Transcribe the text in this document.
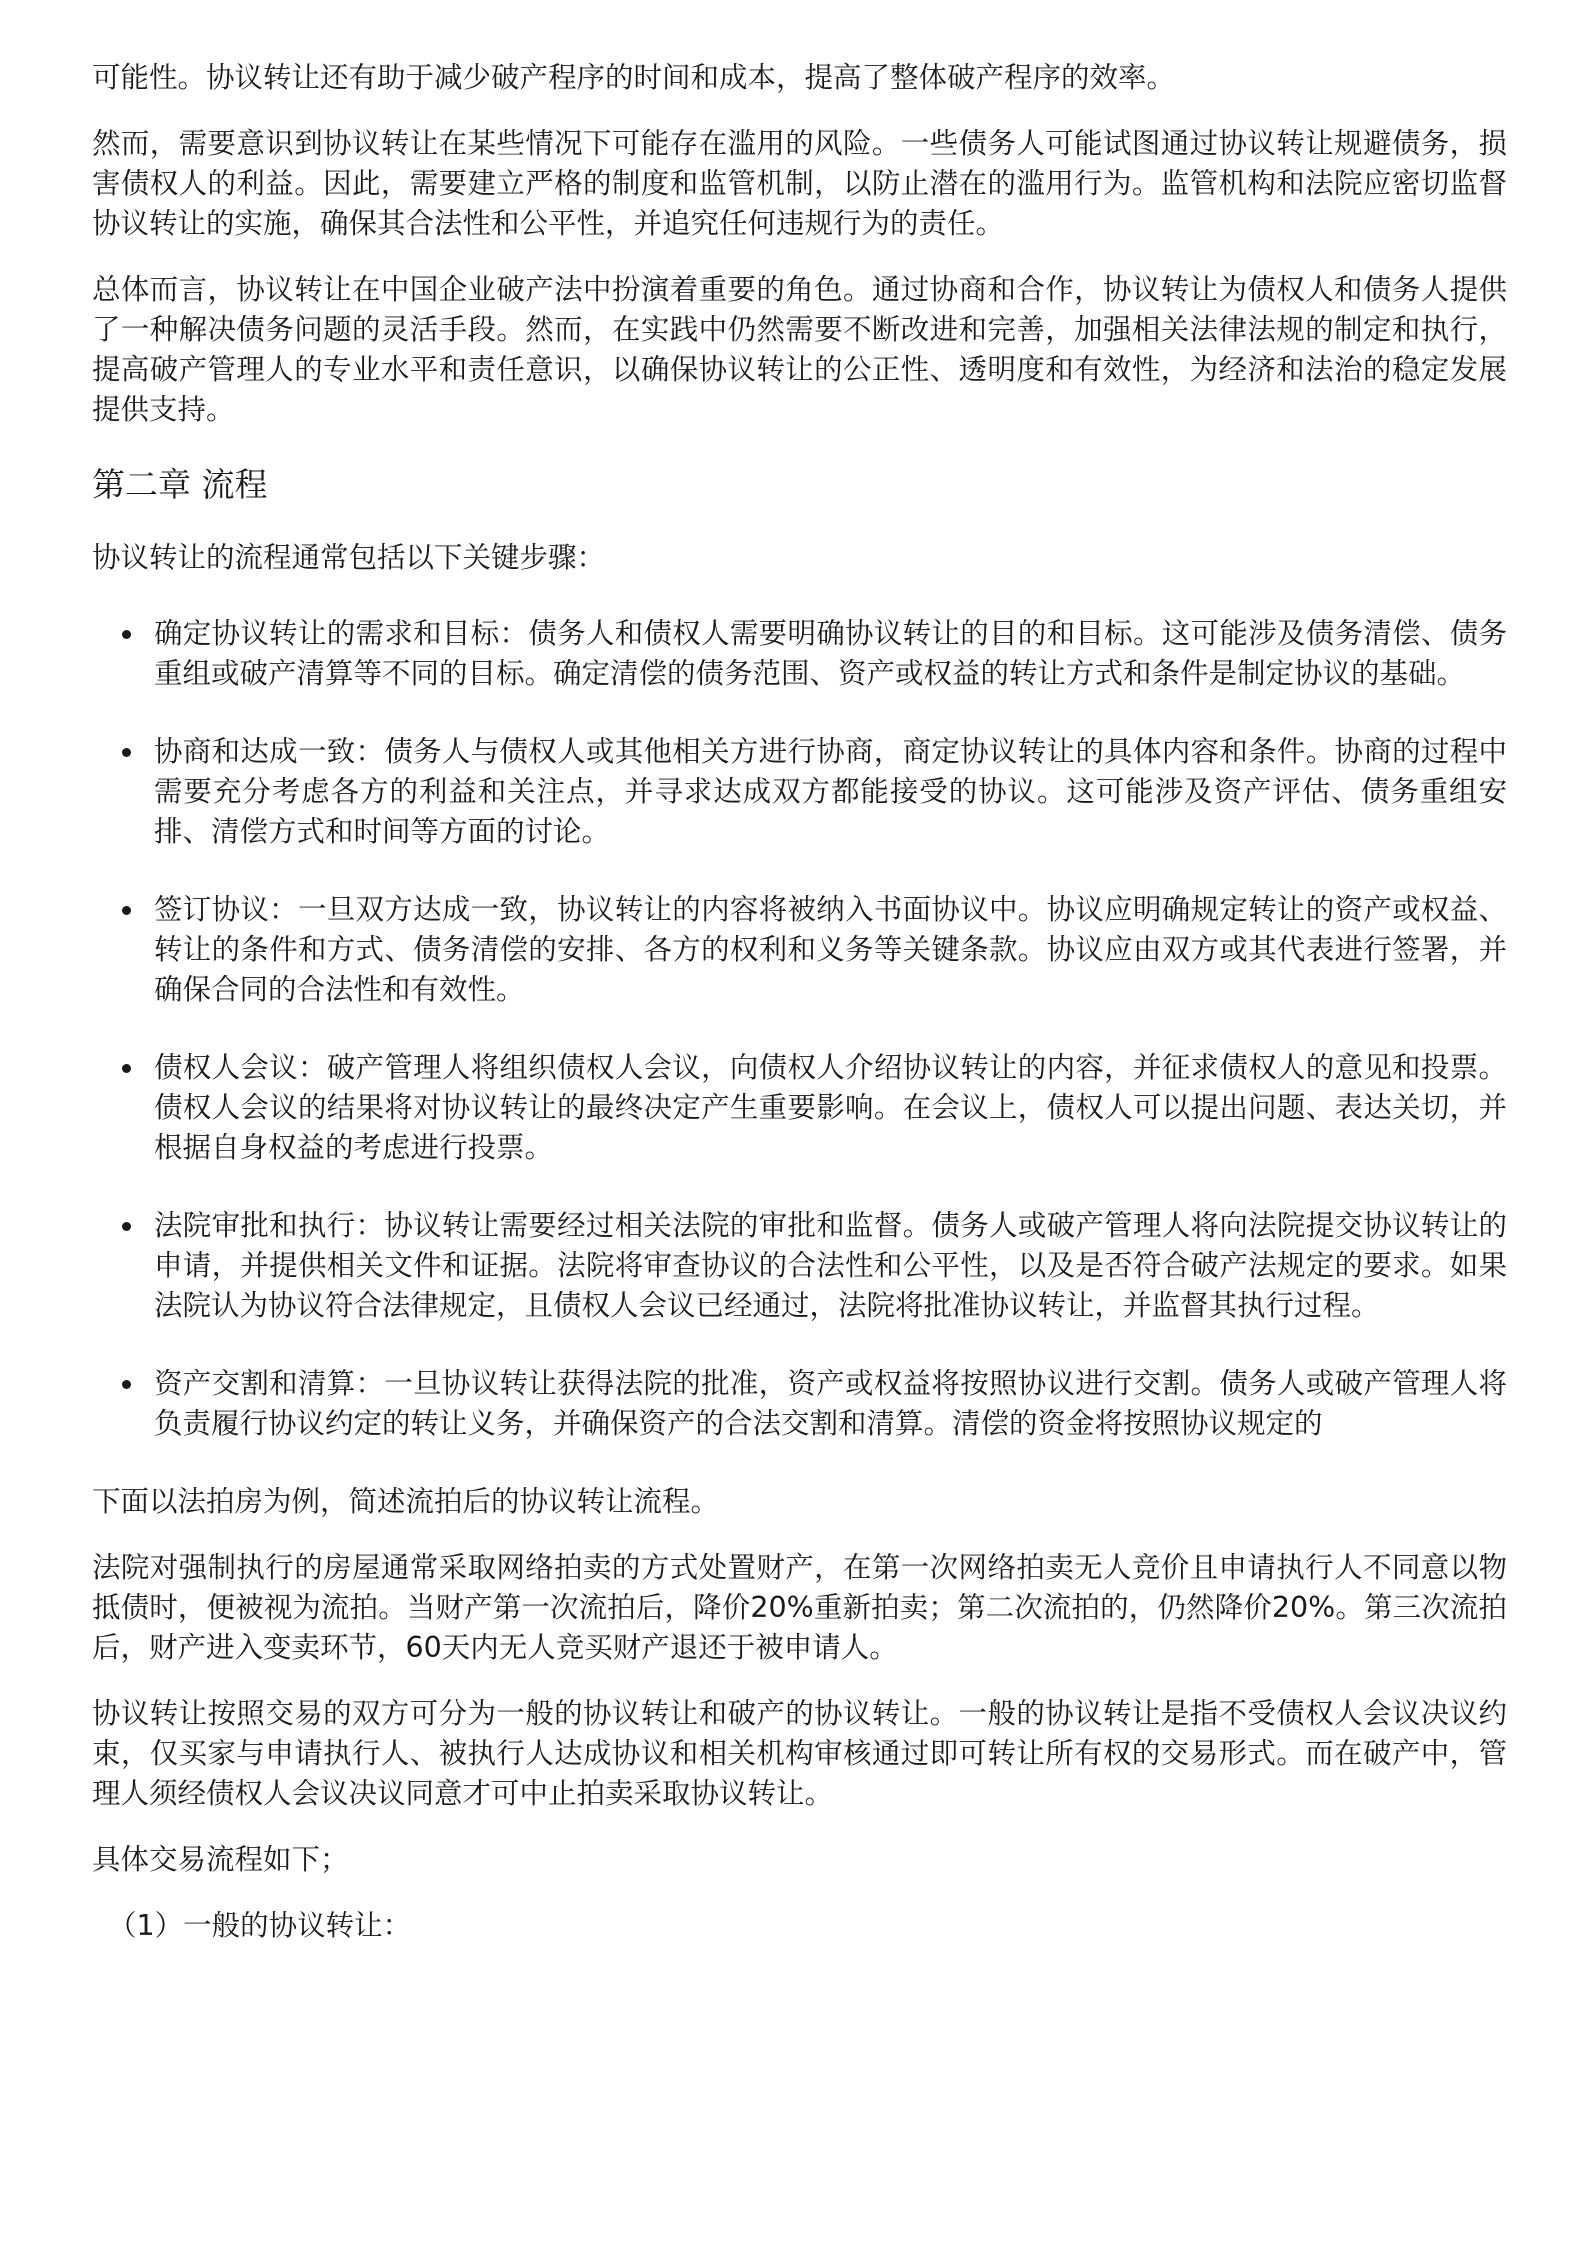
可能性。协议转让还有助于减少破产程序的时间和成本，提高了整体破产程序的效率。

然而，需要意识到协议转让在某些情况下可能存在滥用的风险。一些债务人可能试图通过协议转让规避债务，损害债权人的利益。因此，需要建立严格的制度和监管机制，以防止潜在的滥用行为。监管机构和法院应密切监督协议转让的实施，确保其合法性和公平性，并追究任何违规行为的责任。

总体而言，协议转让在中国企业破产法中扮演着重要的角色。通过协商和合作，协议转让为债权人和债务人提供了一种解决债务问题的灵活手段。然而，在实践中仍然需要不断改进和完善，加强相关法律法规的制定和执行，提高破产管理人的专业水平和责任意识，以确保协议转让的公正性、透明度和有效性，为经济和法治的稳定发展提供支持。

第二章 流程

协议转让的流程通常包括以下关键步骤：

确定协议转让的需求和目标：债务人和债权人需要明确协议转让的目的和目标。这可能涉及债务清偿、债务重组或破产清算等不同的目标。确定清偿的债务范围、资产或权益的转让方式和条件是制定协议的基础。

协商和达成一致：债务人与债权人或其他相关方进行协商，商定协议转让的具体内容和条件。协商的过程中需要充分考虑各方的利益和关注点，并寻求达成双方都能接受的协议。这可能涉及资产评估、债务重组安排、清偿方式和时间等方面的讨论。

签订协议：一旦双方达成一致，协议转让的内容将被纳入书面协议中。协议应明确规定转让的资产或权益、转让的条件和方式、债务清偿的安排、各方的权利和义务等关键条款。协议应由双方或其代表进行签署，并确保合同的合法性和有效性。

债权人会议：破产管理人将组织债权人会议，向债权人介绍协议转让的内容，并征求债权人的意见和投票。债权人会议的结果将对协议转让的最终决定产生重要影响。在会议上，债权人可以提出问题、表达关切，并根据自身权益的考虑进行投票。

法院审批和执行：协议转让需要经过相关法院的审批和监督。债务人或破产管理人将向法院提交协议转让的申请，并提供相关文件和证据。法院将审查协议的合法性和公平性，以及是否符合破产法规定的要求。如果法院认为协议符合法律规定，且债权人会议已经通过，法院将批准协议转让，并监督其执行过程。

资产交割和清算：一旦协议转让获得法院的批准，资产或权益将按照协议进行交割。债务人或破产管理人将负责履行协议约定的转让义务，并确保资产的合法交割和清算。清偿的资金将按照协议规定的

下面以法拍房为例，简述流拍后的协议转让流程。

法院对强制执行的房屋通常采取网络拍卖的方式处置财产，在第一次网络拍卖无人竞价且申请执行人不同意以物抵债时，便被视为流拍。当财产第一次流拍后，降价20%重新拍卖；第二次流拍的，仍然降价20%。第三次流拍后，财产进入变卖环节，60天内无人竞买财产退还于被申请人。

协议转让按照交易的双方可分为一般的协议转让和破产的协议转让。一般的协议转让是指不受债权人会议决议约束，仅买家与申请执行人、被执行人达成协议和相关机构审核通过即可转让所有权的交易形式。而在破产中，管理人须经债权人会议决议同意才可中止拍卖采取协议转让。

具体交易流程如下；

（1）一般的协议转让：
